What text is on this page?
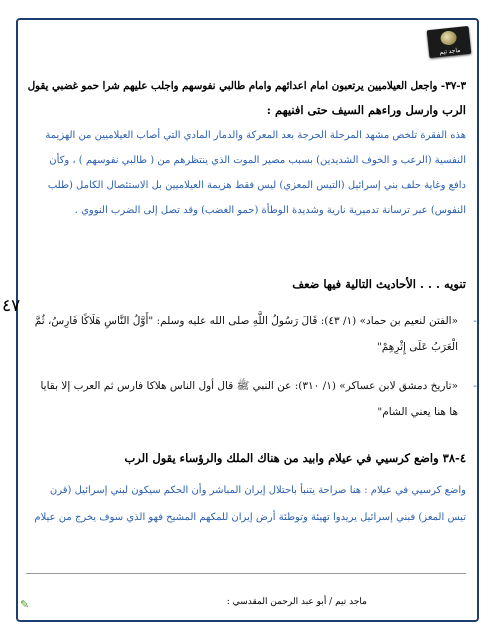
ماجد تيم
٤٧
٣-٣٧- واجعل العيلاميين يرتعبون امام اعدائهم وامام طالبي نفوسهم واجلب عليهم شرا حمو غضبي يقول
الرب وارسل وراءهم السيف حتى افنيهم :
هذه الفقرة تلخص مشهد المرحلة الحرجة بعد المعركة والدمار المادي التي أصاب العيلاميين من الهزيمة
النفسية (الرعب و الخوف الشديدين) بسبب مصير الموت الذي ينتظرهم من ( طالبي نفوسهم ) ، وكأن
دافع وغاية حلف بني إسرائيل (التيس المعزي) ليس فقط هزيمة العيلاميين بل الاستئصال الكامل (طلب
النفوس) عبر ترسانة تدميرية نارية وشديدة الوطأة (حمو الغضب) وقد تصل إلى الضرب النووي .
تنويه . . . الأحاديث التالية فيها ضعف
-
«الفتن لنعيم بن حماد» (١/ ٤٣): قَالَ رَسُولُ اللَّهِ صلى الله عليه وسلم: "أَوَّلُ النَّاسِ هَلَاكًا فَارِسُ، ثُمَّ
الْعَرَبُ عَلَى إِثْرِهِمْ"
-
«تاريخ دمشق لابن عساكر» (١/ ٣١٠): عن النبي ﷺ قال أول الناس هلاكا فارس ثم العرب إلا بقايا
ها هنا يعني الشام"
٤-٣٨ واضع كرسيي في عيلام وابيد من هناك الملك والرؤساء يقول الرب
واضع كرسيي في عيلام : هنا صراحة يتنبأ باحتلال إيران المباشر وأن الحكم سيكون لبني إسرائيل (قرن
تيس المعز) فبني إسرائيل يريدوا تهيئة وتوطئة أرض إيران للمكهم المشيح فهو الذي سوف يخرج من عيلام
✎	ماجد تيم / أبو عبد الرحمن المقدسي :
